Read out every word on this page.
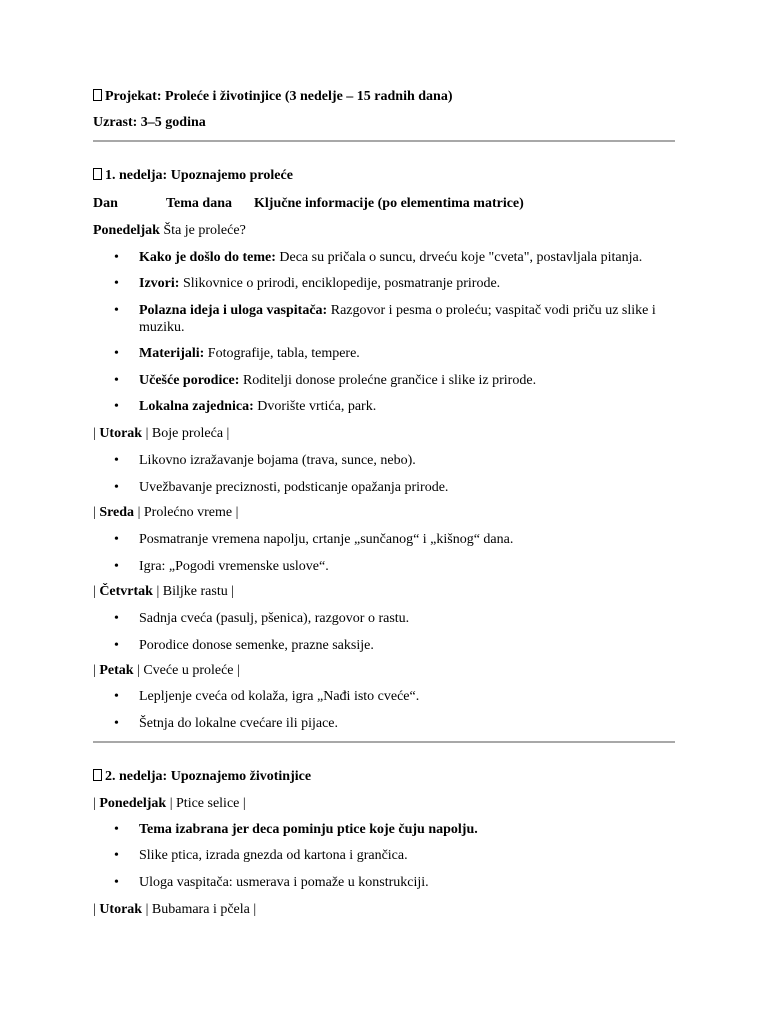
Projekat: Proleće i životinjice (3 nedelje – 15 radnih dana)

Uzrast: 3–5 godina

1. nedelja: Upoznajemo proleće

Dan	Tema dana	Ključne informacije (po elementima matrice)

Ponedeljak Šta je proleće?

• Kako je došlo do teme: Deca su pričala o suncu, drveću koje "cveta", postavljala pitanja.
• Izvori: Slikovnice o prirodi, enciklopedije, posmatranje prirode.
• Polazna ideja i uloga vaspitača: Razgovor i pesma o proleću; vaspitač vodi priču uz slike i muziku.
• Materijali: Fotografije, tabla, tempere.
• Učešće porodice: Roditelji donose prolećne grančice i slike iz prirode.
• Lokalna zajednica: Dvorište vrtića, park.

| Utorak | Boje proleća |

• Likovno izražavanje bojama (trava, sunce, nebo).
• Uvežbavanje preciznosti, podsticanje opažanja prirode.

| Sreda | Prolećno vreme |

• Posmatranje vremena napolju, crtanje „sunčanog“ i „kišnog“ dana.
• Igra: „Pogodi vremenske uslove“.

| Četvrtak | Biljke rastu |

• Sadnja cveća (pasulj, pšenica), razgovor o rastu.
• Porodice donose semenke, prazne saksije.

| Petak | Cveće u proleće |

• Lepljenje cveća od kolaža, igra „Nađi isto cveće“.
• Šetnja do lokalne cvećare ili pijace.

2. nedelja: Upoznajemo životinjice

| Ponedeljak | Ptice selice |

• Tema izabrana jer deca pominju ptice koje čuju napolju.
• Slike ptica, izrada gnezda od kartona i grančica.
• Uloga vaspitača: usmerava i pomaže u konstrukciji.

| Utorak | Bubamara i pčela |
